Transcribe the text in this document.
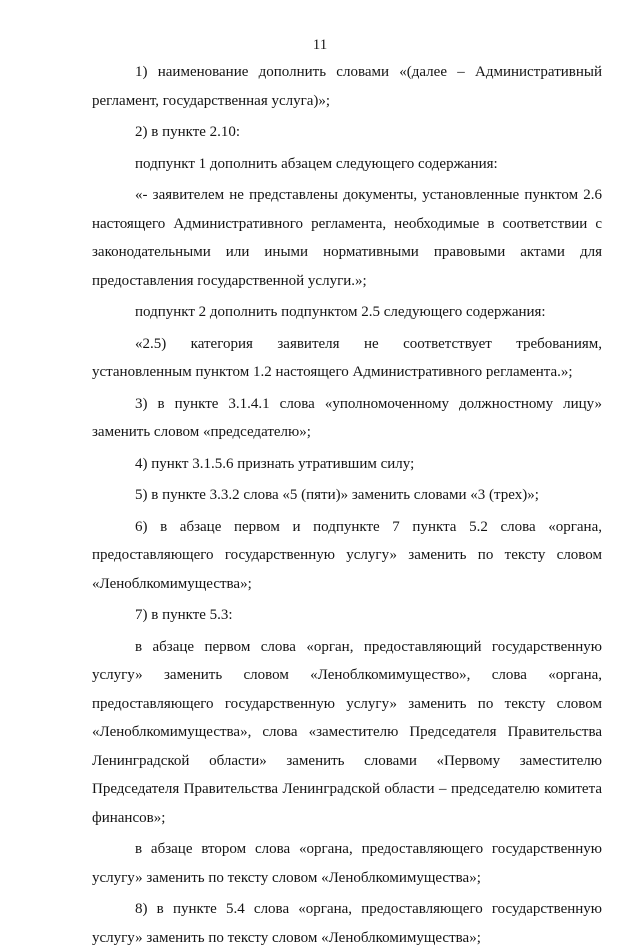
11

1) наименование дополнить словами «(далее – Административный регламент, государственная услуга)»;

2) в пункте 2.10:

подпункт 1 дополнить абзацем следующего содержания:

«- заявителем не представлены документы, установленные пунктом 2.6 настоящего Административного регламента, необходимые в соответствии с законодательными или иными нормативными правовыми актами для предоставления государственной услуги.»;

подпункт 2 дополнить подпунктом 2.5 следующего содержания:

«2.5) категория заявителя не соответствует требованиям, установленным пунктом 1.2 настоящего Административного регламента.»;

3) в пункте 3.1.4.1 слова «уполномоченному должностному лицу» заменить словом «председателю»;

4) пункт 3.1.5.6 признать утратившим силу;

5) в пункте 3.3.2 слова «5 (пяти)» заменить словами «3 (трех)»;

6) в абзаце первом и подпункте 7 пункта 5.2 слова «органа, предоставляющего государственную услугу» заменить по тексту словом «Леноблкомимущества»;

7) в пункте 5.3:

в абзаце первом слова «орган, предоставляющий государственную услугу» заменить словом «Леноблкомимущество», слова «органа, предоставляющего государственную услугу» заменить по тексту словом «Леноблкомимущества», слова «заместителю Председателя Правительства Ленинградской области» заменить словами «Первому заместителю Председателя Правительства Ленинградской области – председателю комитета финансов»;

в абзаце втором слова «органа, предоставляющего государственную услугу» заменить по тексту словом «Леноблкомимущества»;

8) в пункте 5.4 слова «органа, предоставляющего государственную услугу» заменить по тексту словом «Леноблкомимущества»;
